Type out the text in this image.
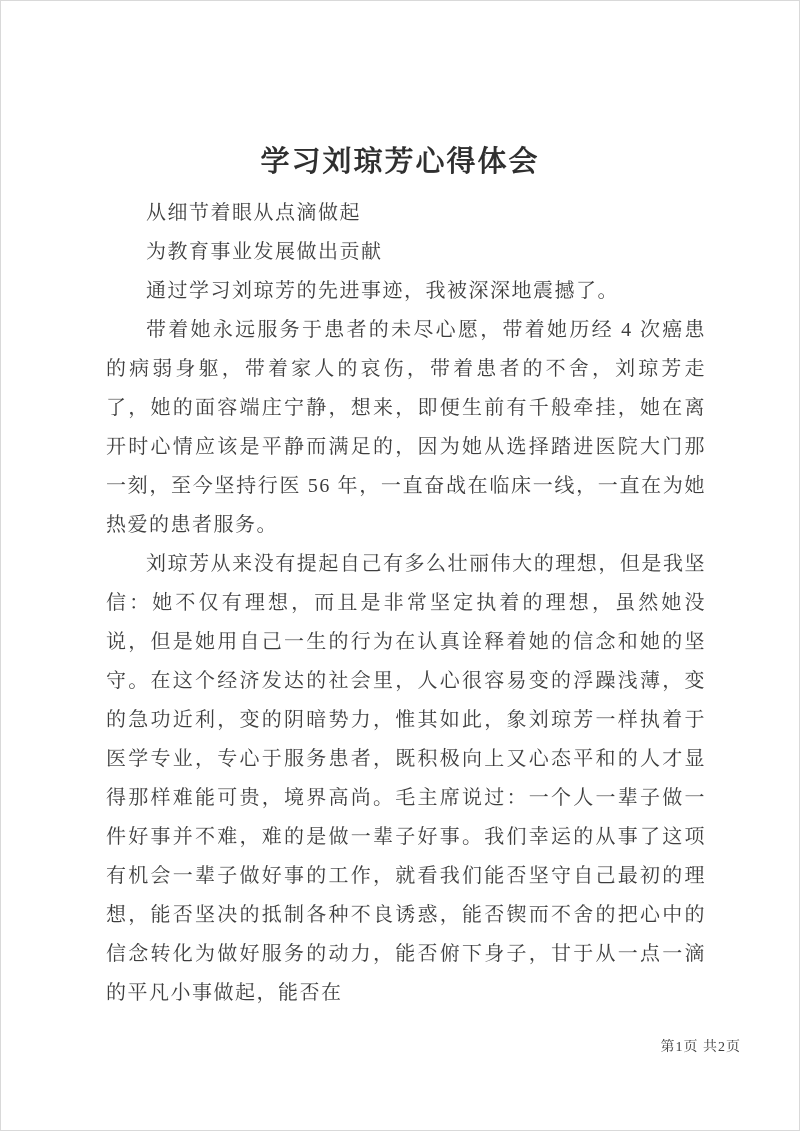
学习刘琼芳心得体会

从细节着眼从点滴做起

为教育事业发展做出贡献

通过学习刘琼芳的先进事迹，我被深深地震撼了。

带着她永远服务于患者的未尽心愿，带着她历经 4 次癌患的病弱身躯，带着家人的哀伤，带着患者的不舍，刘琼芳走了，她的面容端庄宁静，想来，即便生前有千般牵挂，她在离开时心情应该是平静而满足的，因为她从选择踏进医院大门那一刻，至今坚持行医 56 年，一直奋战在临床一线，一直在为她热爱的患者服务。

刘琼芳从来没有提起自己有多么壮丽伟大的理想，但是我坚信：她不仅有理想，而且是非常坚定执着的理想，虽然她没说，但是她用自己一生的行为在认真诠释着她的信念和她的坚守。在这个经济发达的社会里，人心很容易变的浮躁浅薄，变的急功近利，变的阴暗势力，惟其如此，象刘琼芳一样执着于医学专业，专心于服务患者，既积极向上又心态平和的人才显得那样难能可贵，境界高尚。毛主席说过：一个人一辈子做一件好事并不难，难的是做一辈子好事。我们幸运的从事了这项有机会一辈子做好事的工作，就看我们能否坚守自己最初的理想，能否坚决的抵制各种不良诱惑，能否锲而不舍的把心中的信念转化为做好服务的动力，能否俯下身子，甘于从一点一滴的平凡小事做起，能否在

第1页 共2页
